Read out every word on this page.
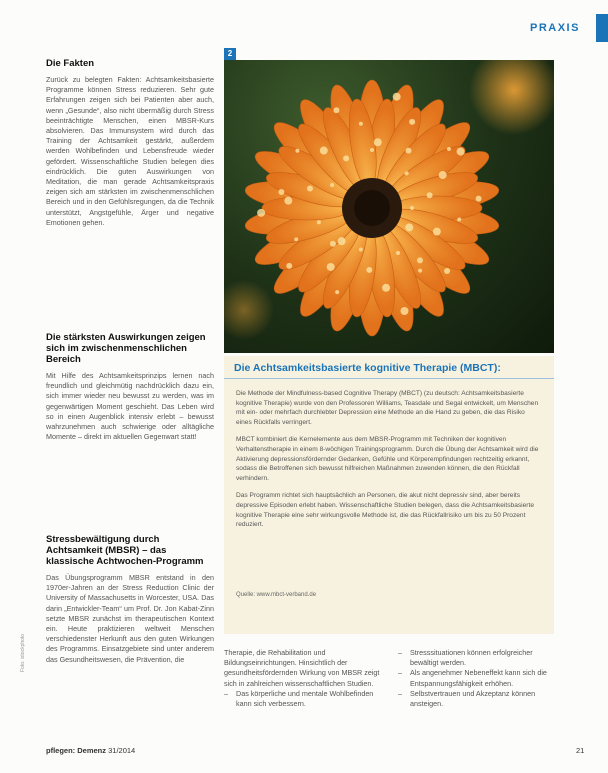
PRAXIS
Die Fakten

Zurück zu belegten Fakten: Achtsamkeitsbasierte Programme können Stress reduzieren. Sehr gute Erfahrungen zeigen sich bei Patienten aber auch, wenn „Gesunde“, also nicht übermäßig durch Stress beeinträchtigte Menschen, einen MBSR-Kurs absolvieren. Das Immunsystem wird durch das Training der Achtsamkeit gestärkt, außerdem werden Wohlbefinden und Lebensfreude wieder gefördert. Wissenschaftliche Studien belegen dies eindrücklich. Die guten Auswirkungen von Meditation, die man gerade Achtsamkeitspraxis zeigen sich am stärksten im zwischenmenschlichen Bereich und in den Gefühlsregungen, da die Technik unterstützt, Angstgefühle, Ärger und negative Emotionen gehen.

Die stärksten Auswirkungen zeigen sich im zwischenmenschlichen Bereich

Mit Hilfe des Achtsamkeitsprinzips lernen nach freundlich und gleichmütig nachdrücklich dazu ein, sich immer wieder neu bewusst zu werden, was im gegenwärtigen Moment geschieht. Das Leben wird so in einen Augenblick intensiv erlebt – bewusst wahrzunehmen auch schwierige oder alltägliche Momente – direkt im aktuellen Gegenwart statt!

Stressbewältigung durch Achtsamkeit (MBSR) – das klassische Achtwochen-Programm

Das Übungsprogramm MBSR entstand in den 1970er-Jahren an der Stress Reduction Clinic der University of Massachusetts in Worcester, USA. Das darin „Entwickler-Team“ um Prof. Dr. Jon Kabat-Zinn setzte MBSR zunächst im therapeutischen Kontext ein. Heute praktizieren weltweit Menschen verschiedenster Herkunft aus den guten Wirkungen des Programms. Einsatzgebiete sind unter anderem das Gesundheitswesen, die Prävention, die

2
Die Achtsamkeitsbasierte kognitive Therapie (MBCT):

Die Methode der Mindfulness-based Cognitive Therapy (MBCT) (zu deutsch: Achtsamkeitsbasierte kognitive Therapie) wurde von den Professoren Williams, Teasdale und Segal entwickelt, um Menschen mit ein- oder mehrfach durchlebter Depression eine Methode an die Hand zu geben, die das Risiko eines Rückfalls verringert.

MBCT kombiniert die Kernelemente aus dem MBSR-Programm mit Techniken der kognitiven Verhaltenstherapie in einem 8-wöchigen Trainingsprogramm. Durch die Übung der Achtsamkeit wird die Aktivierung depressionsfördernder Gedanken, Gefühle und Körperempfindungen rechtzeitig erkannt, sodass die Betroffenen sich bewusst hilfreichen Maßnahmen zuwenden können, die den Rückfall verhindern.

Das Programm richtet sich hauptsächlich an Personen, die akut nicht depressiv sind, aber bereits depressive Episoden erlebt haben. Wissenschaftliche Studien belegen, dass die Achtsamkeitsbasierte kognitive Therapie eine sehr wirkungsvolle Methode ist, die das Rückfallrisiko um bis zu 50 Prozent reduziert.

Quelle: www.mbct-verband.de
Therapie, die Rehabilitation und Bildungseinrichtungen. Hinsichtlich der gesundheitsfördernden Wirkung von MBSR zeigt sich in zahlreichen wissenschaftlichen Studien.
– Das körperliche und mentale Wohlbefinden kann sich verbessern.
– Stresssituationen können erfolgreicher bewältigt werden.
– Als angenehmer Nebeneffekt kann sich die Entspannungsfähigkeit erhöhen.
– Selbstvertrauen und Akzeptanz können ansteigen.
Foto: istockphoto
pflegen: Demenz 31/2014	21
